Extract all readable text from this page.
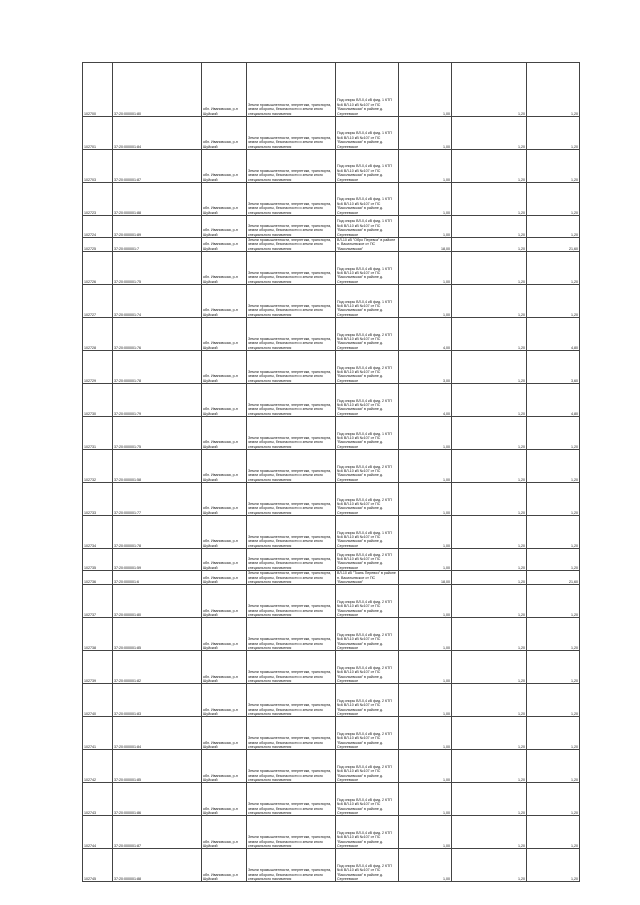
102700	37:20:000001:80	обл. Ивановская, р-н Шуйский	Земли промышленности, энергетики, транспорта, земли обороны, безопасности и земли иного специального назначения	Под опоры ВЛ-0,4 кВ фид. 1 КТП №6 ВЛ-10 кВ №107 от ПС "Васильевская" в районе д. Сергеевское	1,00	1,20	1,20
102701	37:20:000001:84	обл. Ивановская, р-н Шуйский	Земли промышленности, энергетики, транспорта, земли обороны, безопасности и земли иного специального назначения	Под опоры ВЛ-0,4 кВ фид. 1 КТП №6 ВЛ-10 кВ №107 от ПС "Васильевская" в районе д. Сергеевское	1,00	1,20	1,20
102703	37:20:000001:87	обл. Ивановская, р-н Шуйский	Земли промышленности, энергетики, транспорта, земли обороны, безопасности и земли иного специального назначения	Под опоры ВЛ-0,4 кВ фид. 1 КТП №6 ВЛ-10 кВ №107 от ПС "Васильевская" в районе д. Сергеевское	1,00	1,20	1,20
102723	37:20:000001:88	обл. Ивановская, р-н Шуйский	Земли промышленности, энергетики, транспорта, земли обороны, безопасности и земли иного специального назначения	Под опоры ВЛ-0,4 кВ фид. 1 КТП №6 ВЛ-10 кВ №107 от ПС "Васильевская" в районе д. Сергеевское	1,00	1,20	1,20
102724	37:20:000001:89	обл. Ивановская, р-н Шуйский	Земли промышленности, энергетики, транспорта, земли обороны, безопасности и земли иного специального назначения	Под опоры ВЛ-0,4 кВ фид. 1 КТП №6 ВЛ-10 кВ №107 от ПС "Васильевская" в районе д. Сергеевское	1,00	1,20	1,20
102725	37:20:000001:7	обл. Ивановская, р-н Шуйский	Земли промышленности, энергетики, транспорта, земли обороны, безопасности и земли иного специального назначения	ВЛ-10 кВ "Обро Перевоз" в районе п. Васильевское от ПС "Васильевская"	18,00	1,20	21,60
102726	37:20:000001:75	обл. Ивановская, р-н Шуйский	Земли промышленности, энергетики, транспорта, земли обороны, безопасности и земли иного специального назначения	Под опоры ВЛ-0,4 кВ фид. 1 КТП №6 ВЛ-10 кВ №107 от ПС "Васильевская" в районе д. Сергеевское	1,00	1,20	1,20
102727	37:20:000001:74	обл. Ивановская, р-н Шуйский	Земли промышленности, энергетики, транспорта, земли обороны, безопасности и земли иного специального назначения	Под опоры ВЛ-0,4 кВ фид. 1 КТП №6 ВЛ-10 кВ №107 от ПС "Васильевская" в районе д. Сергеевское	1,00	1,20	1,20
102728	37:20:000001:76	обл. Ивановская, р-н Шуйский	Земли промышленности, энергетики, транспорта, земли обороны, безопасности и земли иного специального назначения	Под опоры ВЛ-0,4 кВ фид. 2 КТП №6 ВЛ-10 кВ №107 от ПС "Васильевская" в районе д. Сергеевское	4,00	1,20	4,80
102729	37:20:000001:78	обл. Ивановская, р-н Шуйский	Земли промышленности, энергетики, транспорта, земли обороны, безопасности и земли иного специального назначения	Под опоры ВЛ-0,4 кВ фид. 2 КТП №6 ВЛ-10 кВ №107 от ПС "Васильевская" в районе д. Сергеевское	3,00	1,20	3,60
102730	37:20:000001:79	обл. Ивановская, р-н Шуйский	Земли промышленности, энергетики, транспорта, земли обороны, безопасности и земли иного специального назначения	Под опоры ВЛ-0,4 кВ фид. 2 КТП №6 ВЛ-10 кВ №107 от ПС "Васильевская" в районе д. Сергеевское	4,00	1,20	4,80
102731	37:20:000001:75	обл. Ивановская, р-н Шуйский	Земли промышленности, энергетики, транспорта, земли обороны, безопасности и земли иного специального назначения	Под опоры ВЛ-0,4 кВ фид. 1 КТП №6 ВЛ-10 кВ №107 от ПС "Васильевская" в районе д. Сергеевское	1,00	1,20	1,20
102732	37:20:000001:58	обл. Ивановская, р-н Шуйский	Земли промышленности, энергетики, транспорта, земли обороны, безопасности и земли иного специального назначения	Под опоры ВЛ-0,4 кВ фид. 2 КТП №6 ВЛ-10 кВ №107 от ПС "Васильевская" в районе д. Сергеевское	1,00	1,20	1,20
102733	37:20:000001:77	обл. Ивановская, р-н Шуйский	Земли промышленности, энергетики, транспорта, земли обороны, безопасности и земли иного специального назначения	Под опоры ВЛ-0,4 кВ фид. 2 КТП №6 ВЛ-10 кВ №107 от ПС "Васильевская" в районе д. Сергеевское	1,00	1,20	1,20
102734	37:20:000001:78	обл. Ивановская, р-н Шуйский	Земли промышленности, энергетики, транспорта, земли обороны, безопасности и земли иного специального назначения	Под опоры ВЛ-0,4 кВ фид. 1 КТП №6 ВЛ-10 кВ №107 от ПС "Васильевская" в районе д. Сергеевское	1,00	1,20	1,20
102735	37:20:000001:59	обл. Ивановская, р-н Шуйский	Земли промышленности, энергетики, транспорта, земли обороны, безопасности и земли иного специального назначения	Под опоры ВЛ-0,4 кВ фид. 2 КТП №6 ВЛ-10 кВ №107 от ПС "Васильевская" в районе д. Сергеевское	1,00	1,20	1,20
102736	37:20:000001:6	обл. Ивановская, р-н Шуйский	Земли промышленности, энергетики, транспорта, земли обороны, безопасности и земли иного специального назначения	ВЛ-10 кВ "Ткань Перевоз" в районе п. Васильевское от ПС "Васильевская"	18,00	1,20	21,60
102737	37:20:000001:80	обл. Ивановская, р-н Шуйский	Земли промышленности, энергетики, транспорта, земли обороны, безопасности и земли иного специального назначения	Под опоры ВЛ-0,4 кВ фид. 2 КТП №6 ВЛ-10 кВ №107 от ПС "Васильевская" в районе д. Сергеевское	1,00	1,20	1,20
102738	37:20:000001:85	обл. Ивановская, р-н Шуйский	Земли промышленности, энергетики, транспорта, земли обороны, безопасности и земли иного специального назначения	Под опоры ВЛ-0,4 кВ фид. 2 КТП №6 ВЛ-10 кВ №107 от ПС "Васильевская" в районе д. Сергеевское	1,00	1,20	1,20
102739	37:20:000001:82	обл. Ивановская, р-н Шуйский	Земли промышленности, энергетики, транспорта, земли обороны, безопасности и земли иного специального назначения	Под опоры ВЛ-0,4 кВ фид. 2 КТП №6 ВЛ-10 кВ №107 от ПС "Васильевская" в районе д. Сергеевское	1,00	1,20	1,20
102740	37:20:000001:83	обл. Ивановская, р-н Шуйский	Земли промышленности, энергетики, транспорта, земли обороны, безопасности и земли иного специального назначения	Под опоры ВЛ-0,4 кВ фид. 2 КТП №6 ВЛ-10 кВ №107 от ПС "Васильевская" в районе д. Сергеевское	1,00	1,20	1,20
102741	37:20:000001:84	обл. Ивановская, р-н Шуйский	Земли промышленности, энергетики, транспорта, земли обороны, безопасности и земли иного специального назначения	Под опоры ВЛ-0,4 кВ фид. 2 КТП №6 ВЛ-10 кВ №107 от ПС "Васильевская" в районе д. Сергеевское	1,00	1,20	1,20
102742	37:20:000001:85	обл. Ивановская, р-н Шуйский	Земли промышленности, энергетики, транспорта, земли обороны, безопасности и земли иного специального назначения	Под опоры ВЛ-0,4 кВ фид. 2 КТП №6 ВЛ-10 кВ №107 от ПС "Васильевская" в районе д. Сергеевское	1,00	1,20	1,20
102743	37:20:000001:86	обл. Ивановская, р-н Шуйский	Земли промышленности, энергетики, транспорта, земли обороны, безопасности и земли иного специального назначения	Под опоры ВЛ-0,4 кВ фид. 2 КТП №6 ВЛ-10 кВ №107 от ПС "Васильевская" в районе д. Сергеевское	1,00	1,20	1,20
102744	37:20:000001:87	обл. Ивановская, р-н Шуйский	Земли промышленности, энергетики, транспорта, земли обороны, безопасности и земли иного специального назначения	Под опоры ВЛ-0,4 кВ фид. 2 КТП №6 ВЛ-10 кВ №107 от ПС "Васильевская" в районе д. Сергеевское	1,00	1,20	1,20
102745	37:20:000001:88	обл. Ивановская, р-н Шуйский	Земли промышленности, энергетики, транспорта, земли обороны, безопасности и земли иного специального назначения	Под опоры ВЛ-0,4 кВ фид. 2 КТП №6 ВЛ-10 кВ №107 от ПС "Васильевская" в районе д. Сергеевское	1,00	1,20	1,20
